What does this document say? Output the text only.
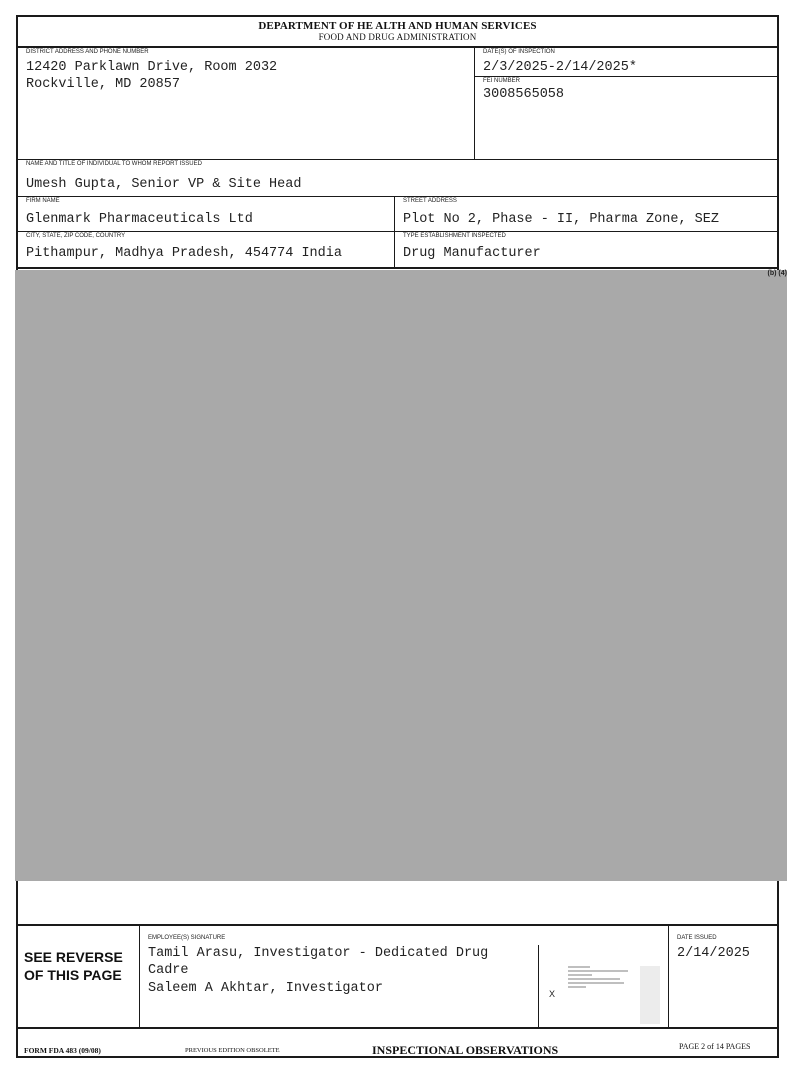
DEPARTMENT OF HE ALTH AND HUMAN SERVICES
FOOD AND DRUG ADMINISTRATION
DISTRICT ADDRESS AND PHONE NUMBER
12420 Parklawn Drive, Room 2032
Rockville, MD 20857
DATE(S) OF INSPECTION
2/3/2025-2/14/2025*
FEI NUMBER
3008565058
NAME AND TITLE OF INDIVIDUAL TO WHOM REPORT ISSUED
Umesh Gupta, Senior VP & Site Head
FIRM NAME
Glenmark Pharmaceuticals Ltd
STREET ADDRESS
Plot No 2, Phase - II, Pharma Zone, SEZ
CITY, STATE, ZIP CODE, COUNTRY
Pithampur, Madhya Pradesh, 454774 India
TYPE ESTABLISHMENT INSPECTED
Drug Manufacturer
EMPLOYEE(S) SIGNATURE
Tamil Arasu, Investigator - Dedicated Drug
Cadre
Saleem A Akhtar, Investigator
DATE ISSUED
2/14/2025
(b) (4)
SEE REVERSE
OF THIS PAGE
X
FORM FDA 483 (09/08)	PREVIOUS EDITION OBSOLETE	INSPECTIONAL OBSERVATIONS	PAGE 2 of 14 PAGES
